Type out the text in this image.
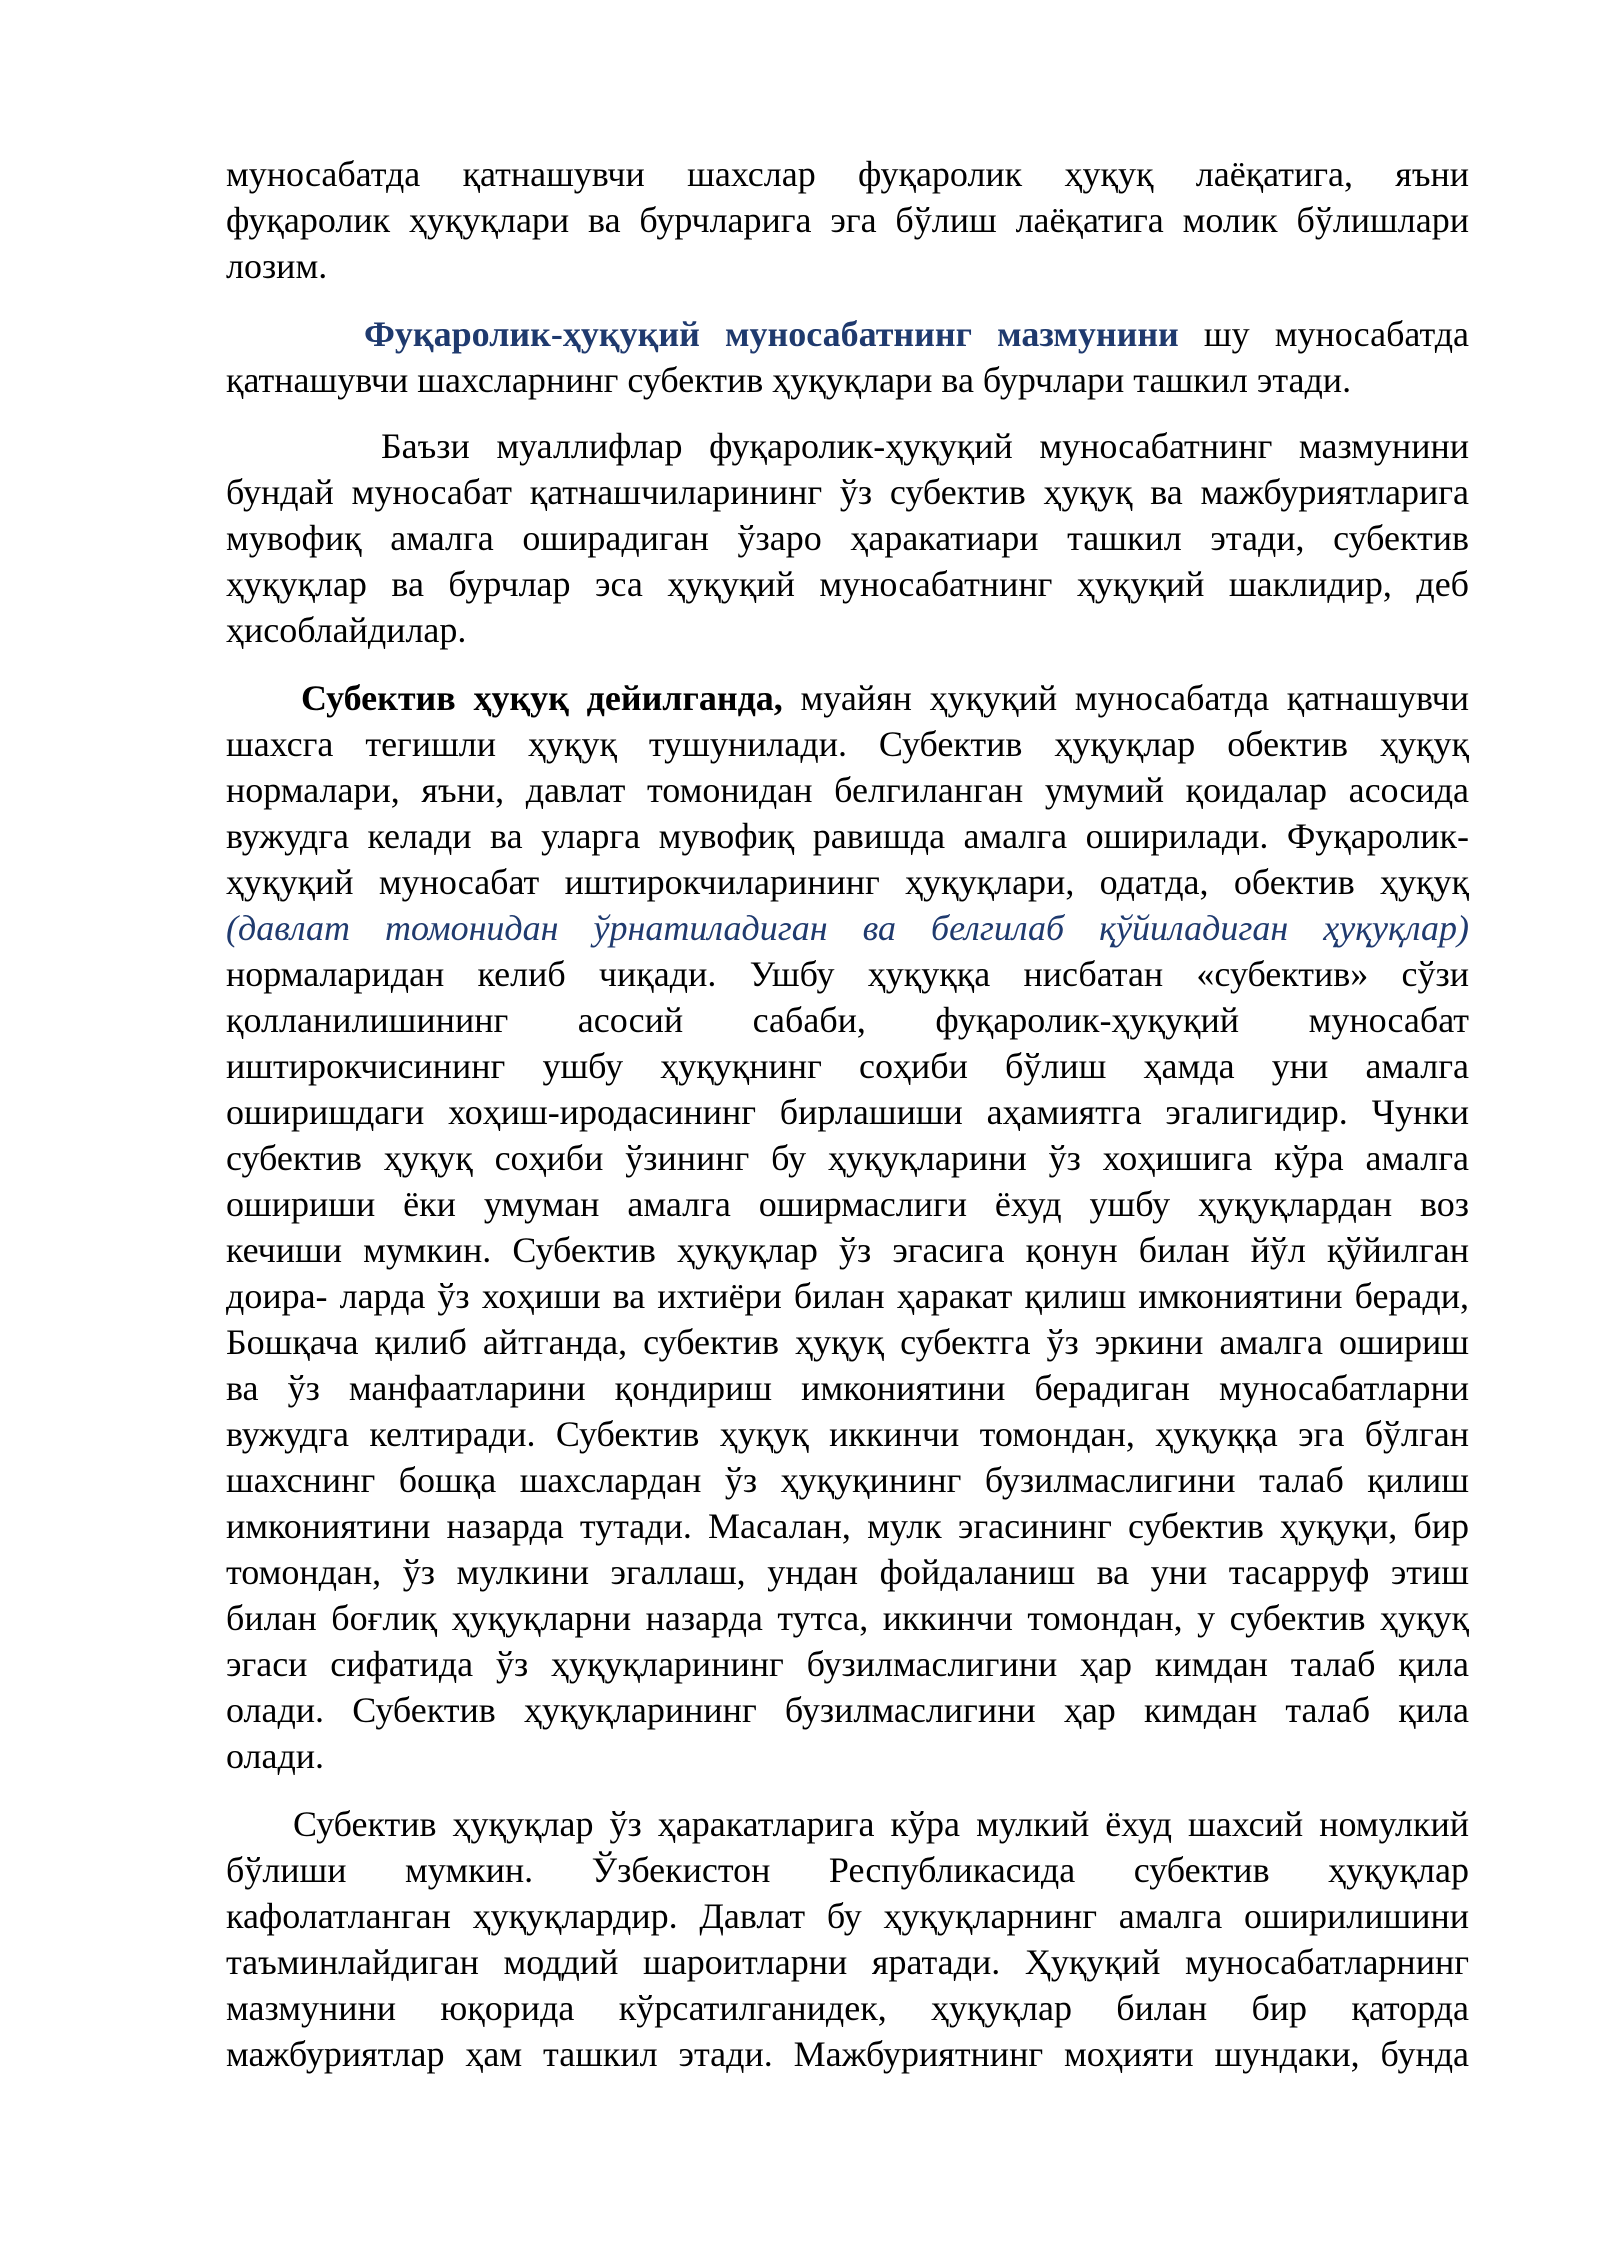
муносабатда қатнашувчи шахслар фуқаролик ҳуқуқ лаёқатига, яъни
фуқаролик ҳуқуқлари ва бурчларига эга бўлиш лаёқатига молик бўлишлари
лозим.
Фуқаролик-ҳуқуқий муносабатнинг мазмунини шу муносабатда
қатнашувчи шахсларнинг субектив ҳуқуқлари ва бурчлари ташкил этади.
Баъзи муаллифлар фуқаролик-ҳуқуқий муносабатнинг мазмунини
бундай муносабат қатнашчиларининг ўз субектив ҳуқуқ ва мажбуриятларига
мувофиқ амалга оширадиган ўзаро ҳаракатиари ташкил этади, субектив
ҳуқуқлар ва бурчлар эса ҳуқуқий муносабатнинг ҳуқуқий шаклидир, деб
ҳисоблайдилар.
Субектив ҳуқуқ дейилганда, муайян ҳуқуқий муносабатда қатнашувчи
шахсга тегишли ҳуқуқ тушунилади. Субектив ҳуқуқлар обектив ҳуқуқ
нормалари, яъни, давлат томонидан белгиланган умумий қоидалар асосида
вужудга келади ва уларга мувофиқ равишда амалга оширилади. Фуқаролик-
ҳуқуқий муносабат иштирокчиларининг ҳуқуқлари, одатда, обектив ҳуқуқ
(давлат томонидан ўрнатиладиган ва белгилаб қўйиладиган ҳуқуқлар)
нормаларидан келиб чиқади. Ушбу ҳуқуққа нисбатан «субектив» сўзи
қолланилишининг асосий сабаби, фуқаролик-ҳуқуқий муносабат
иштирокчисининг ушбу ҳуқуқнинг соҳиби бўлиш ҳамда уни амалга
оширишдаги хоҳиш-иродасининг бирлашиши аҳамиятга эгалигидир. Чунки
субектив ҳуқуқ соҳиби ўзининг бу ҳуқуқларини ўз хоҳишига кўра амалга
ошириши ёки умуман амалга оширмаслиги ёхуд ушбу ҳуқуқлардан воз
кечиши мумкин. Субектив ҳуқуқлар ўз эгасига қонун билан йўл қўйилган
доира- ларда ўз хоҳиши ва ихтиёри билан ҳаракат қилиш имкониятини беради,
Бошқача қилиб айтганда, субектив ҳуқуқ субектга ўз эркини амалга ошириш
ва ўз манфаатларини қондириш имкониятини берадиган муносабатларни
вужудга келтиради. Субектив ҳуқуқ иккинчи томондан, ҳуқуққа эга бўлган
шахснинг бошқа шахслардан ўз ҳуқуқининг бузилмаслигини талаб қилиш
имкониятини назарда тутади. Масалан, мулк эгасининг субектив ҳуқуқи, бир
томондан, ўз мулкини эгаллаш, ундан фойдаланиш ва уни тасарруф этиш
билан боғлиқ ҳуқуқларни назарда тутса, иккинчи томондан, у субектив ҳуқуқ
эгаси сифатида ўз ҳуқуқларининг бузилмаслигини ҳар кимдан талаб қила
олади. Субектив ҳуқуқларининг бузилмаслигини ҳар кимдан талаб қила
олади.
Субектив ҳуқуқлар ўз ҳаракатларига кўра мулкий ёхуд шахсий номулкий
бўлиши мумкин. Ўзбекистон Республикасида субектив ҳуқуқлар
кафолатланган ҳуқуқлардир. Давлат бу ҳуқуқларнинг амалга оширилишини
таъминлайдиган моддий шароитларни яратади. Ҳуқуқий муносабатларнинг
мазмунини юқорида кўрсатилганидек, ҳуқуқлар билан бир қаторда
мажбуриятлар ҳам ташкил этади. Мажбуриятнинг моҳияти шундаки, бунда
